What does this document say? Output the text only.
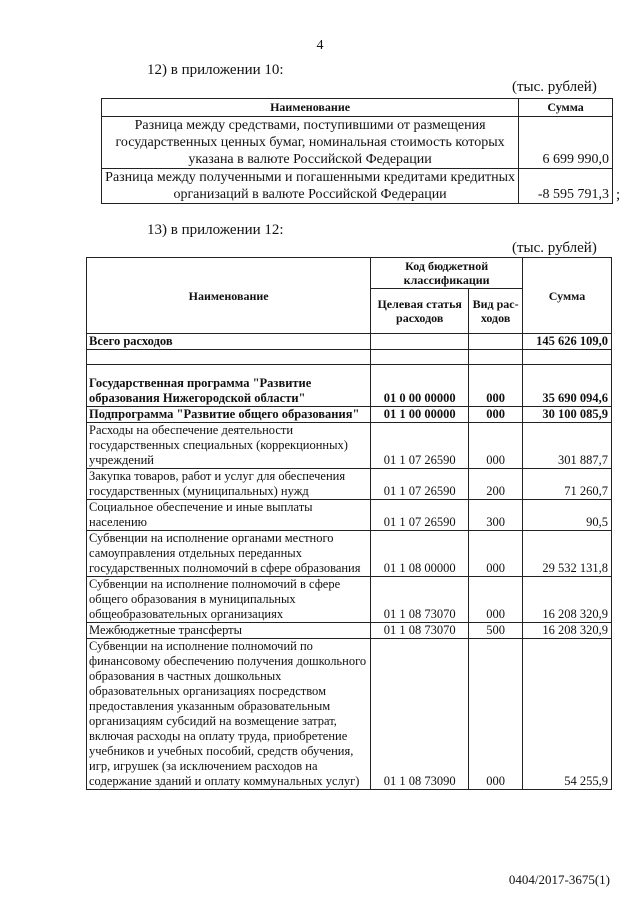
4
12) в приложении 10:
(тыс. рублей)
Наименование	Сумма
Разница между средствами, поступившими от размещения государственных ценных бумаг, номинальная стоимость которых указана в валюте Российской Федерации	6 699 990,0
Разница между полученными и погашенными кредитами кредитных организаций в валюте Российской Федерации	-8 595 791,3 ;
13) в приложении 12:
(тыс. рублей)
Наименование	Код бюджетной классификации		Сумма
	Целевая статья расходов	Вид рас-ходов	
Всего расходов			145 626 109,0

Государственная программа "Развитие образования Нижегородской области"	01 0 00 00000	000	35 690 094,6
Подпрограмма "Развитие общего образования"	01 1 00 00000	000	30 100 085,9
Расходы на обеспечение деятельности государственных специальных (коррекционных) учреждений	01 1 07 26590	000	301 887,7
Закупка товаров, работ и услуг для обеспечения государственных (муниципальных) нужд	01 1 07 26590	200	71 260,7
Социальное обеспечение и иные выплаты населению	01 1 07 26590	300	90,5
Субвенции на исполнение органами местного самоуправления отдельных переданных государственных полномочий в сфере образования	01 1 08 00000	000	29 532 131,8
Субвенции на исполнение полномочий в сфере общего образования в муниципальных общеобразовательных организациях	01 1 08 73070	000	16 208 320,9
Межбюджетные трансферты	01 1 08 73070	500	16 208 320,9
Субвенции на исполнение полномочий по финансовому обеспечению получения дошкольного образования в частных дошкольных образовательных организациях посредством предоставления указанным образовательным организациям субсидий на возмещение затрат, включая расходы на оплату труда, приобретение учебников и учебных пособий, средств обучения, игр, игрушек (за исключением расходов на содержание зданий и оплату коммунальных услуг)	01 1 08 73090	000	54 255,9
0404/2017-3675(1)
